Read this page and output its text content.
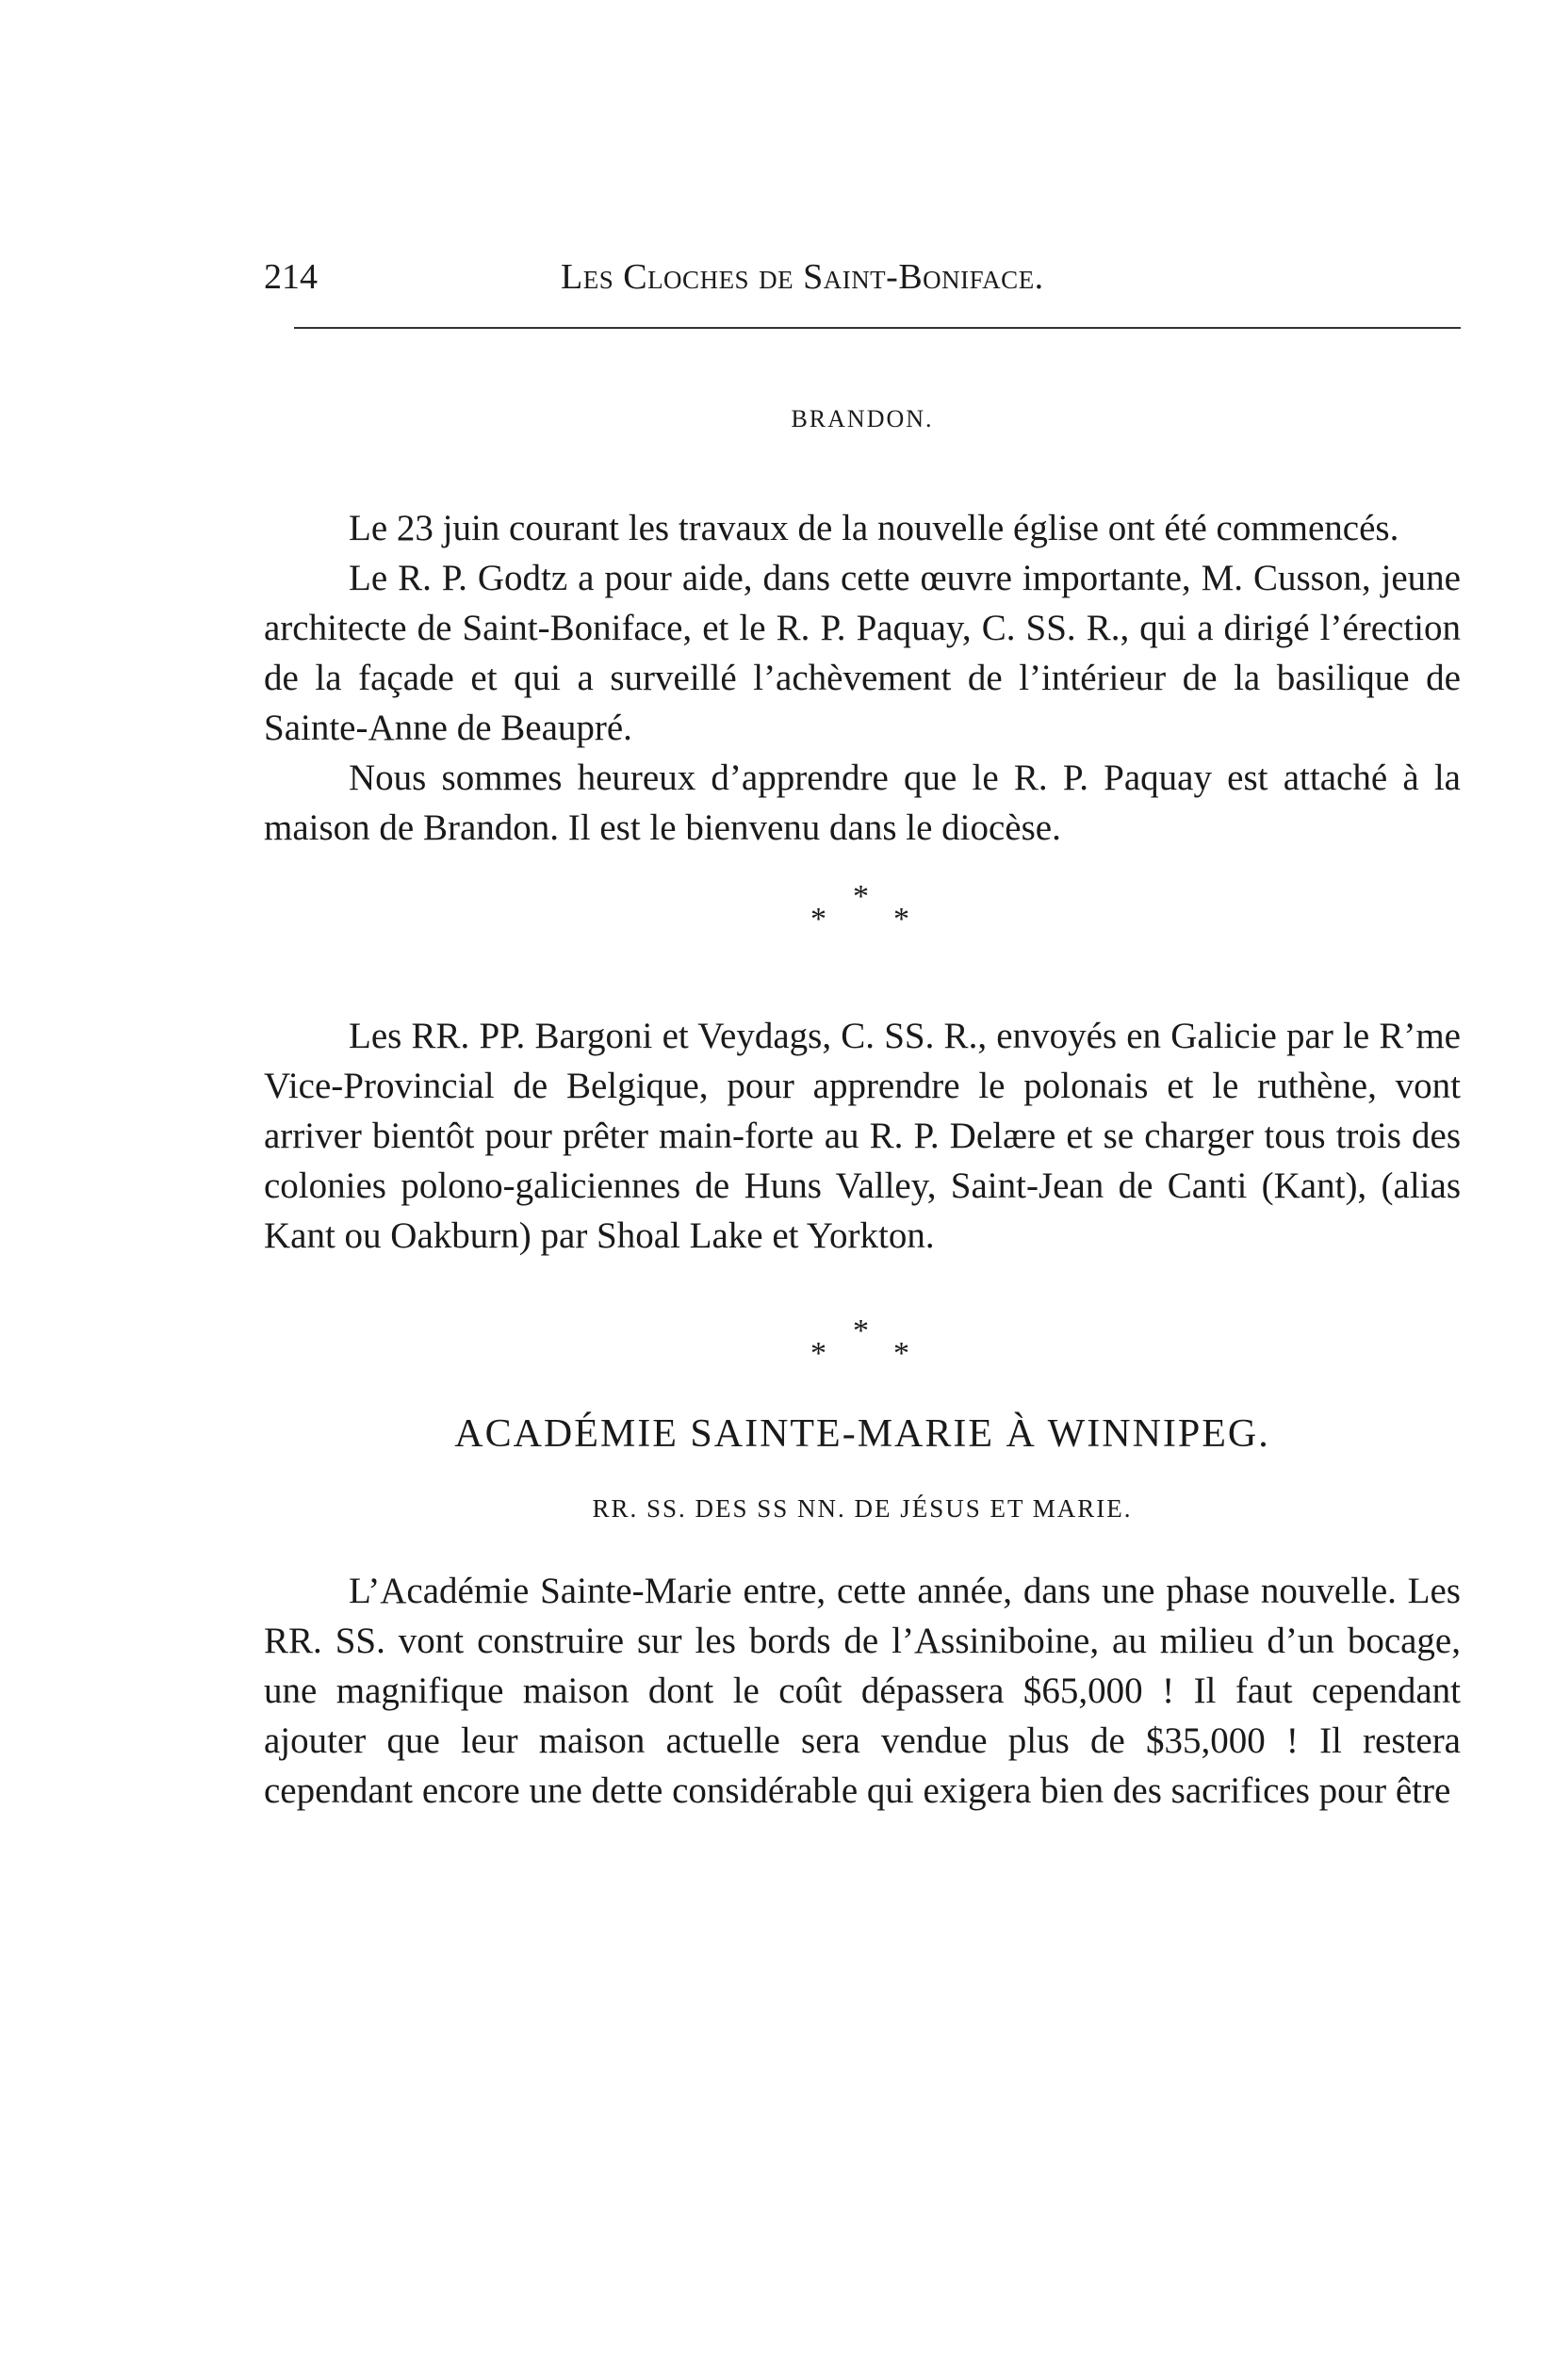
214	Les Cloches de Saint-Boniface.
BRANDON.

Le 23 juin courant les travaux de la nouvelle église ont été commencés.

Le R. P. Godtz a pour aide, dans cette œuvre importante, M. Cusson, jeune architecte de Saint-Boniface, et le R. P. Paquay, C. SS. R., qui a dirigé l’érection de la façade et qui a surveillé l’achèvement de l’intérieur de la basilique de Sainte-Anne de Beaupré.

Nous sommes heureux d’apprendre que le R. P. Paquay est attaché à la maison de Brandon. Il est le bienvenu dans le diocèse.

*
* *

Les RR. PP. Bargoni et Veydags, C. SS. R., envoyés en Galicie par le R’me Vice-Provincial de Belgique, pour apprendre le polonais et le ruthène, vont arriver bientôt pour prêter main-forte au R. P. Delære et se charger tous trois des colonies polono-galiciennes de Huns Valley, Saint-Jean de Canti (Kant), (alias Kant ou Oakburn) par Shoal Lake et Yorkton.

*
* *
ACADÉMIE SAINTE-MARIE À WINNIPEG.
RR. SS. DES SS NN. DE JÉSUS ET MARIE.

L’Académie Sainte-Marie entre, cette année, dans une phase nouvelle. Les RR. SS. vont construire sur les bords de l’Assiniboine, au milieu d’un bocage, une magnifique maison dont le coût dépassera $65,000 ! Il faut cependant ajouter que leur maison actuelle sera vendue plus de $35,000 ! Il restera cependant encore une dette considérable qui exigera bien des sacrifices pour être
